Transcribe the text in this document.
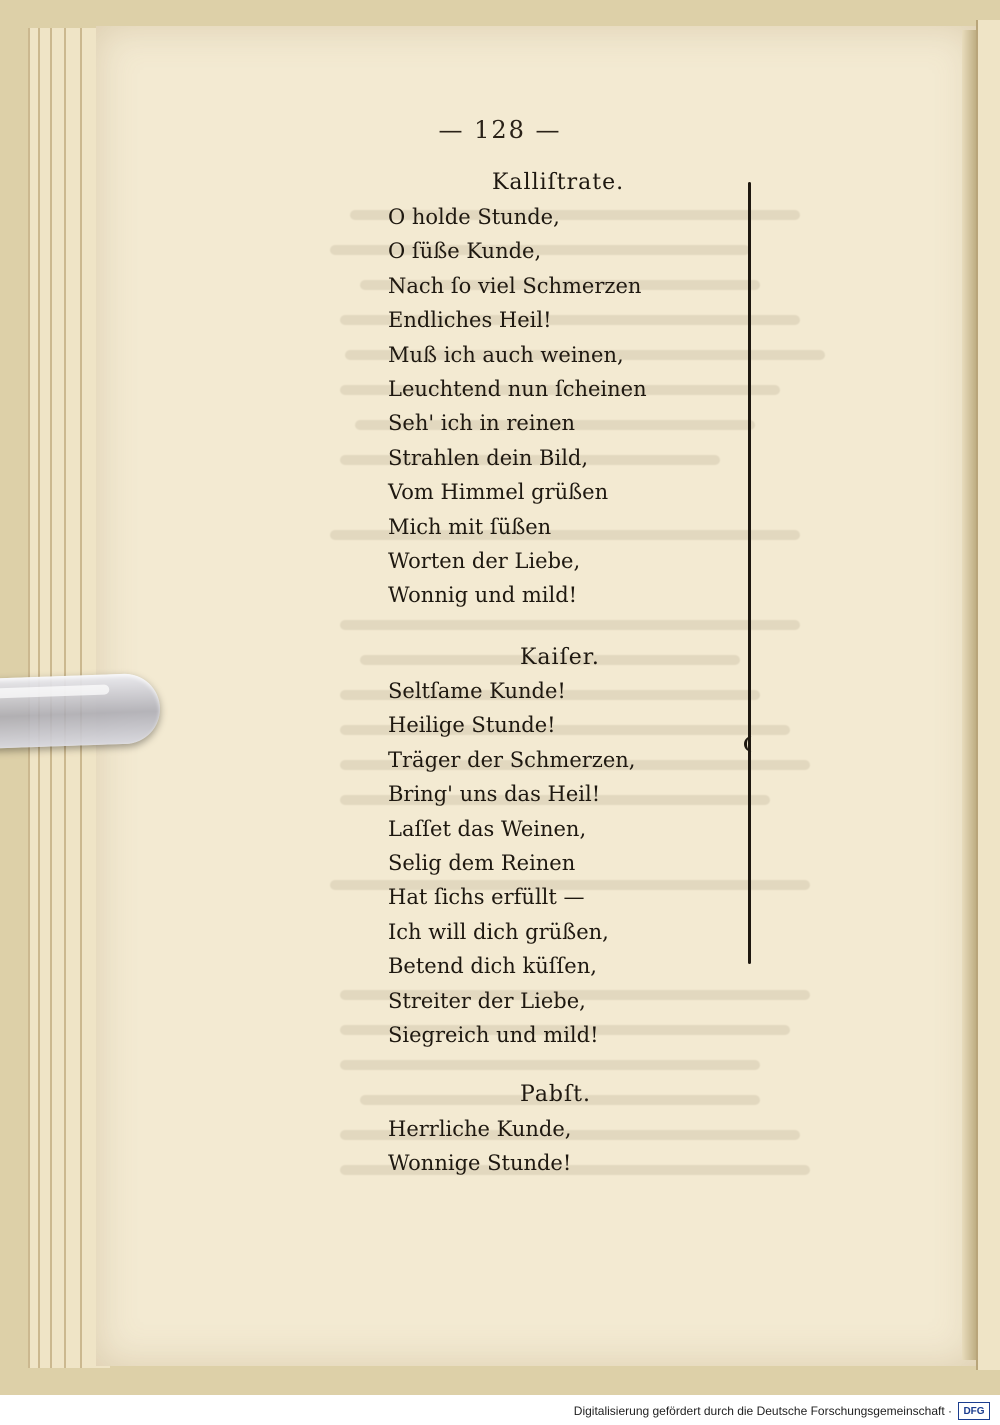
— 128 —
Kalliſtrate.
O holde Stunde,
O ſüße Kunde,
Nach ſo viel Schmerzen
Endliches Heil!
Muß ich auch weinen,
Leuchtend nun ſcheinen
Seh' ich in reinen
Strahlen dein Bild,
Vom Himmel grüßen
Mich mit ſüßen
Worten der Liebe,
Wonnig und mild!
Kaiſer.
Seltſame Kunde!
Heilige Stunde!
Träger der Schmerzen,
Bring' uns das Heil!
Laſſet das Weinen,
Selig dem Reinen
Hat ſichs erfüllt —
Ich will dich grüßen,
Betend dich küſſen,
Streiter der Liebe,
Siegreich und mild!
Pabſt.
Herrliche Kunde,
Wonnige Stunde!
Digitalisierung gefördert durch die Deutsche Forschungsgemeinschaft ·	DFG
